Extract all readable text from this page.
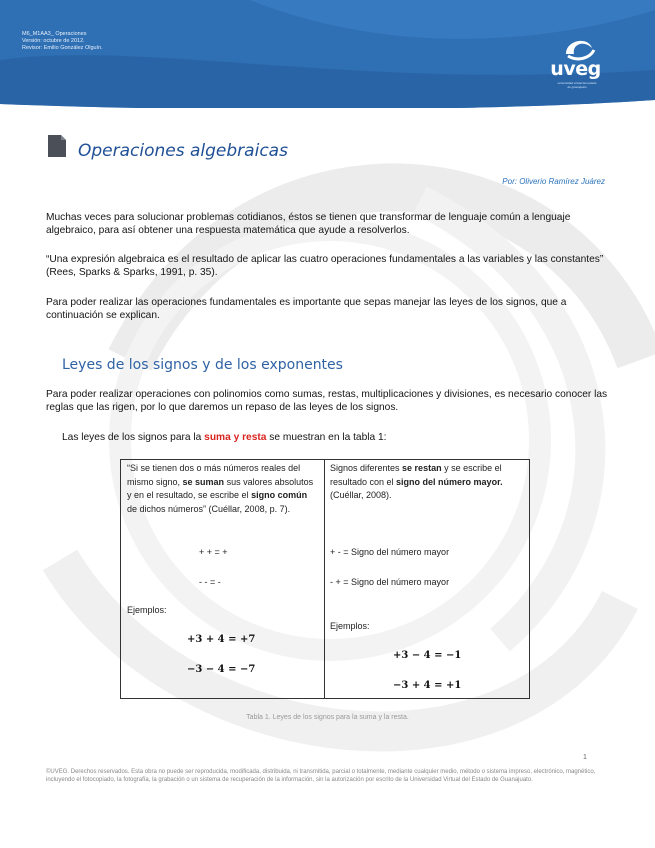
M6_M1AA3_ Operaciones
Versión: octubre de 2012.
Revisor: Emilio González Olguín.
uveg
universidad virtual del estado de guanajuato
Operaciones algebraicas
Por: Oliverio Ramírez Juárez
Muchas veces para solucionar problemas cotidianos, éstos se tienen que transformar de lenguaje común a lenguaje algebraico, para así obtener una respuesta matemática que ayude a resolverlos.
“Una expresión algebraica es el resultado de aplicar las cuatro operaciones fundamentales a las variables y las constantes” (Rees, Sparks & Sparks, 1991, p. 35).
Para poder realizar las operaciones fundamentales es importante que sepas manejar las leyes de los signos, que a continuación se explican.
Leyes de los signos y de los exponentes
Para poder realizar operaciones con polinomios como sumas, restas, multiplicaciones y divisiones, es necesario conocer las reglas que las rigen, por lo que daremos un repaso de las leyes de los signos.
Las leyes de los signos para la suma y resta se muestran en la tabla 1:
“Si se tienen dos o más números reales del mismo signo, se suman sus valores absolutos y en el resultado, se escribe el signo común de dichos números” (Cuéllar, 2008, p. 7).
+ + = +
- - = -
Ejemplos:
+3 + 4 = +7
−3 − 4 = −7
Signos diferentes se restan y se escribe el resultado con el signo del número mayor. (Cuéllar, 2008).
+ - = Signo del número mayor
- + = Signo del número mayor
Ejemplos:
+3 − 4 = −1
−3 + 4 = +1
Tabla 1. Leyes de los signos para la suma y la resta.
1
©UVEG. Derechos reservados. Esta obra no puede ser reproducida, modificada, distribuida, ni transmitida, parcial o totalmente, mediante cualquier medio, método o sistema impreso, electrónico, magnético, incluyendo el fotocopiado, la fotografía, la grabación o un sistema de recuperación de la información, sin la autorización por escrito de la Universidad Virtual del Estado de Guanajuato.
